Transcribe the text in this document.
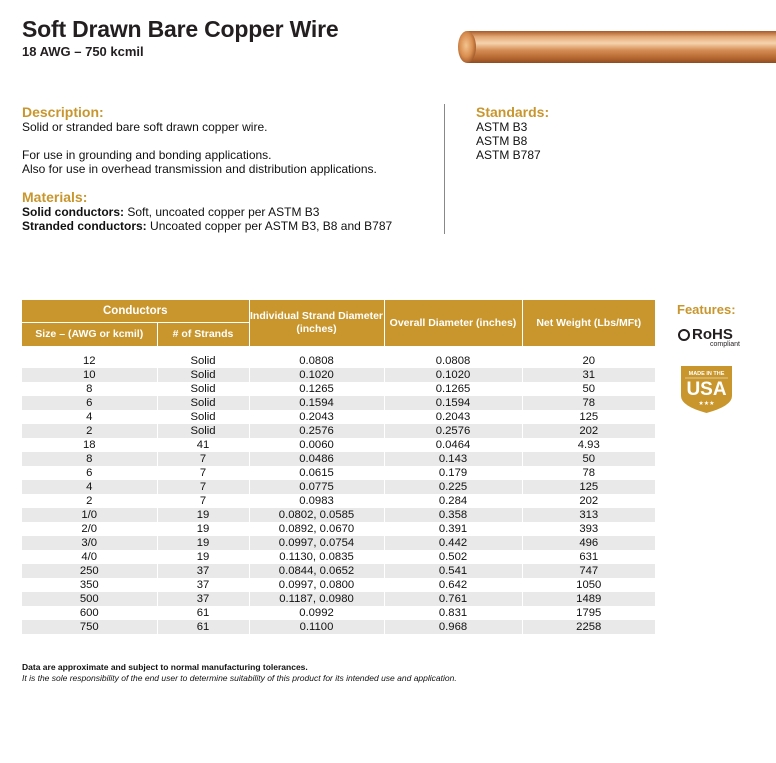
Soft Drawn Bare Copper Wire
18 AWG – 750 kcmil
Description:
Solid or stranded bare soft drawn copper wire.
For use in grounding and bonding applications.
Also for use in overhead transmission and distribution applications.
Materials:
Solid conductors: Soft, uncoated copper per ASTM B3
Stranded conductors: Uncoated copper per ASTM B3, B8 and B787
Standards:
ASTM B3
ASTM B8
ASTM B787
Conductors		Individual Strand Diameter (inches)	Overall Diameter (inches)	Net Weight (Lbs/MFt)
Size – (AWG or kcmil)	# of Strands			

12	Solid	0.0808	0.0808	20
10	Solid	0.1020	0.1020	31
8	Solid	0.1265	0.1265	50
6	Solid	0.1594	0.1594	78
4	Solid	0.2043	0.2043	125
2	Solid	0.2576	0.2576	202
18	41	0.0060	0.0464	4.93
8	7	0.0486	0.143	50
6	7	0.0615	0.179	78
4	7	0.0775	0.225	125
2	7	0.0983	0.284	202
1/0	19	0.0802, 0.0585	0.358	313
2/0	19	0.0892, 0.0670	0.391	393
3/0	19	0.0997, 0.0754	0.442	496
4/0	19	0.1130, 0.0835	0.502	631
250	37	0.0844, 0.0652	0.541	747
350	37	0.0997, 0.0800	0.642	1050
500	37	0.1187, 0.0980	0.761	1489
600	61	0.0992	0.831	1795
750	61	0.1100	0.968	2258
Features:
RoHS
compliant
MADE IN THE
USA
★★★
Data are approximate and subject to normal manufacturing tolerances.
It is the sole responsibility of the end user to determine suitability of this product for its intended use and application.
